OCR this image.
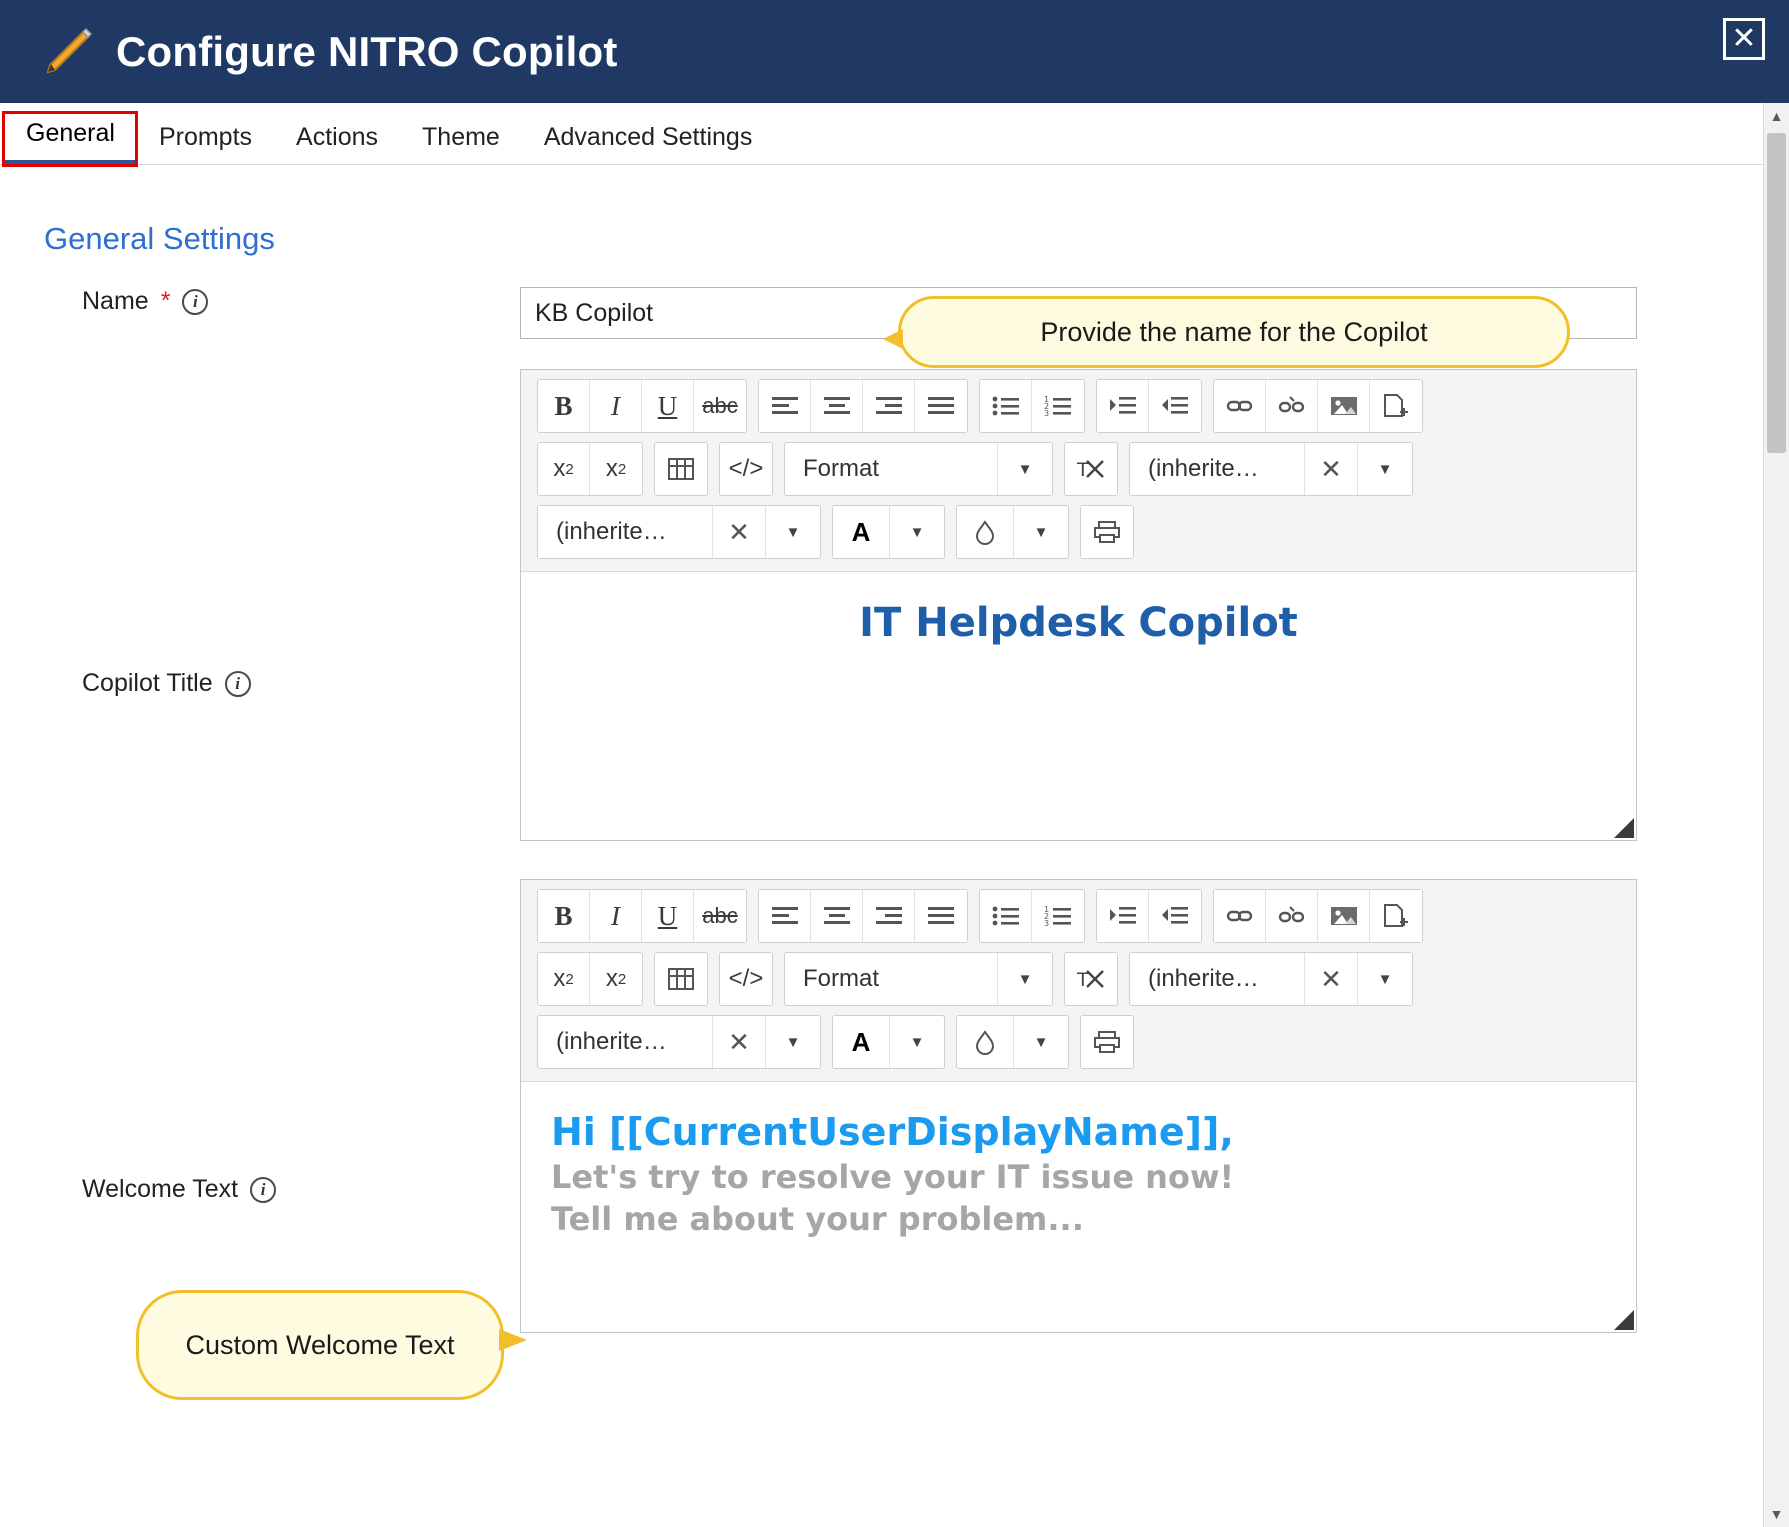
Configure NITRO Copilot	✕
General	Prompts	Actions	Theme	Advanced Settings
General Settings
Name *	i
KB Copilot
Copilot Title	i
B	I	U	abc	1
2
3
x 2	x 2	</>	Format	▼	T	(inherite…	✕	▼
(inherite…	✕	▼	A	▼	▼
IT Helpdesk Copilot
Welcome Text	i
B	I	U	abc	1
2
3
x 2	x 2	</>	Format	▼	T	(inherite…	✕	▼
(inherite…	✕	▼	A	▼	▼
Hi [[CurrentUserDisplayName]],
Let's try to resolve your IT issue now!
Tell me about your problem...
Provide the name for the Copilot
Custom Welcome Text
▲
▼
